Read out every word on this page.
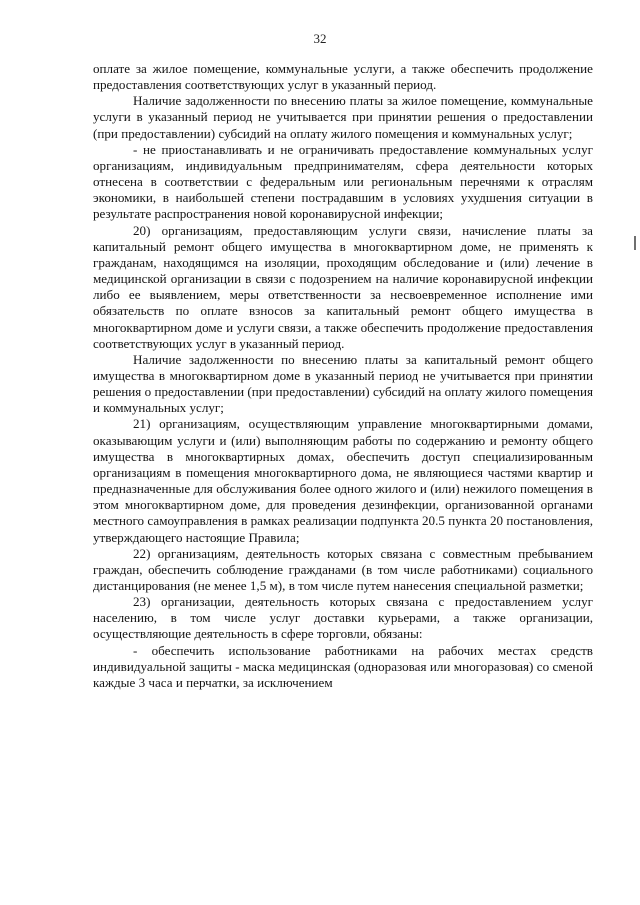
32

оплате за жилое помещение, коммунальные услуги, а также обеспечить продолжение предоставления соответствующих услуг в указанный период.

Наличие задолженности по внесению платы за жилое помещение, коммунальные услуги в указанный период не учитывается при принятии решения о предоставлении (при предоставлении) субсидий на оплату жилого помещения и коммунальных услуг;

- не приостанавливать и не ограничивать предоставление коммунальных услуг организациям, индивидуальным предпринимателям, сфера деятельности которых отнесена в соответствии с федеральным или региональным перечнями к отраслям экономики, в наибольшей степени пострадавшим в условиях ухудшения ситуации в результате распространения новой коронавирусной инфекции;

20) организациям, предоставляющим услуги связи, начисление платы за капитальный ремонт общего имущества в многоквартирном доме, не применять к гражданам, находящимся на изоляции, проходящим обследование и (или) лечение в медицинской организации в связи с подозрением на наличие коронавирусной инфекции либо ее выявлением, меры ответственности за несвоевременное исполнение ими обязательств по оплате взносов за капитальный ремонт общего имущества в многоквартирном доме и услуги связи, а также обеспечить продолжение предоставления соответствующих услуг в указанный период.

Наличие задолженности по внесению платы за капитальный ремонт общего имущества в многоквартирном доме в указанный период не учитывается при принятии решения о предоставлении (при предоставлении) субсидий на оплату жилого помещения и коммунальных услуг;

21) организациям, осуществляющим управление многоквартирными домами, оказывающим услуги и (или) выполняющим работы по содержанию и ремонту общего имущества в многоквартирных домах, обеспечить доступ специализированным организациям в помещения многоквартирного дома, не являющиеся частями квартир и предназначенные для обслуживания более одного жилого и (или) нежилого помещения в этом многоквартирном доме, для проведения дезинфекции, организованной органами местного самоуправления в рамках реализации подпункта 20.5 пункта 20 постановления, утверждающего настоящие Правила;

22) организациям, деятельность которых связана с совместным пребыванием граждан, обеспечить соблюдение гражданами (в том числе работниками) социального дистанцирования (не менее 1,5 м), в том числе путем нанесения специальной разметки;

23) организации, деятельность которых связана с предоставлением услуг населению, в том числе услуг доставки курьерами, а также организации, осуществляющие деятельность в сфере торговли, обязаны:

- обеспечить использование работниками на рабочих местах средств индивидуальной защиты - маска медицинская (одноразовая или многоразовая) со сменой каждые 3 часа и перчатки, за исключением
